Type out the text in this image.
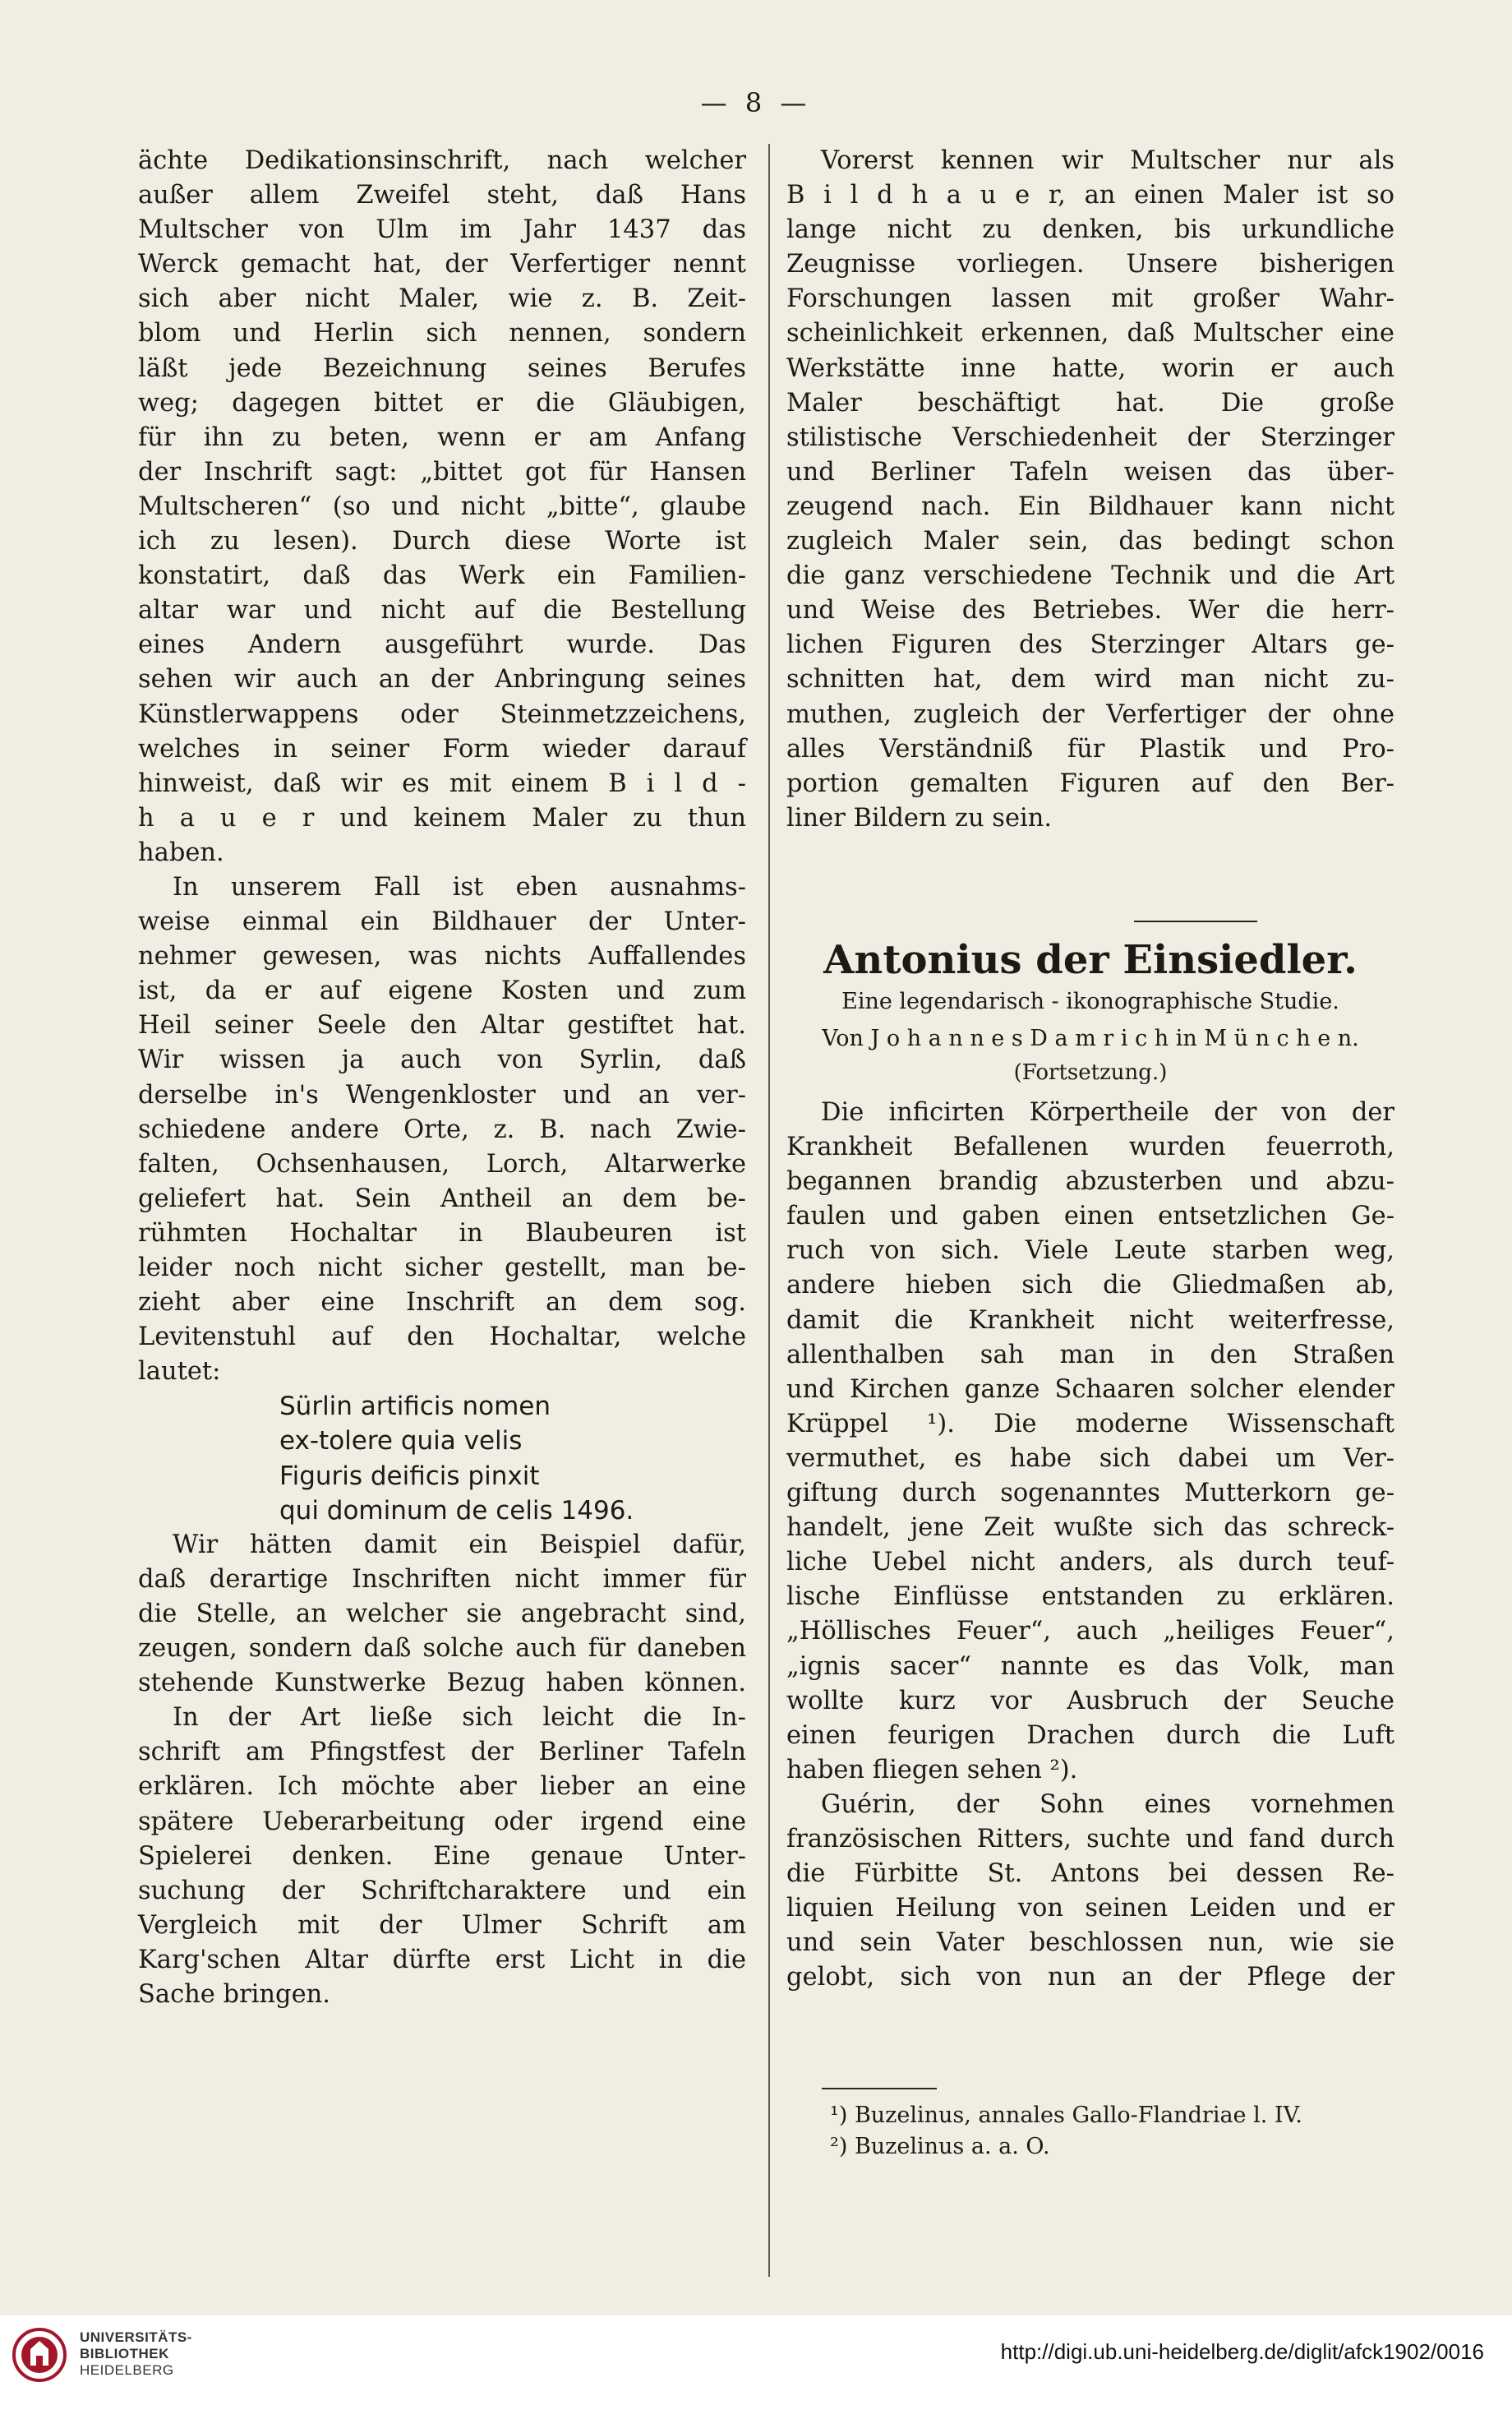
— 8 —
ächte Dedikationsinschrift, nach welcher
außer allem Zweifel steht, daß Hans
Multscher von Ulm im Jahr 1437 das
Werck gemacht hat, der Verfertiger nennt
sich aber nicht Maler, wie z. B. Zeit-
blom und Herlin sich nennen, sondern
läßt jede Bezeichnung seines Berufes
weg; dagegen bittet er die Gläubigen,
für ihn zu beten, wenn er am Anfang
der Inschrift sagt: „bittet got für Hansen
Multscheren“ (so und nicht „bitte“, glaube
ich zu lesen). Durch diese Worte ist
konstatirt, daß das Werk ein Familien-
altar war und nicht auf die Bestellung
eines Andern ausgeführt wurde. Das
sehen wir auch an der Anbringung seines
Künstlerwappens oder Steinmetzzeichens,
welches in seiner Form wieder darauf
hinweist, daß wir es mit einem B i l d -
h a u e r und keinem Maler zu thun
haben.
In unserem Fall ist eben ausnahms-
weise einmal ein Bildhauer der Unter-
nehmer gewesen, was nichts Auffallendes
ist, da er auf eigene Kosten und zum
Heil seiner Seele den Altar gestiftet hat.
Wir wissen ja auch von Syrlin, daß
derselbe in's Wengenkloster und an ver-
schiedene andere Orte, z. B. nach Zwie-
falten, Ochsenhausen, Lorch, Altarwerke
geliefert hat. Sein Antheil an dem be-
rühmten Hochaltar in Blaubeuren ist
leider noch nicht sicher gestellt, man be-
zieht aber eine Inschrift an dem sog.
Levitenstuhl auf den Hochaltar, welche
lautet:
Sürlin artificis nomen
ex-tolere quia velis
Figuris deificis pinxit
qui dominum de celis 1496.
Wir hätten damit ein Beispiel dafür,
daß derartige Inschriften nicht immer für
die Stelle, an welcher sie angebracht sind,
zeugen, sondern daß solche auch für daneben
stehende Kunstwerke Bezug haben können.
In der Art ließe sich leicht die In-
schrift am Pfingstfest der Berliner Tafeln
erklären. Ich möchte aber lieber an eine
spätere Ueberarbeitung oder irgend eine
Spielerei denken. Eine genaue Unter-
suchung der Schriftcharaktere und ein
Vergleich mit der Ulmer Schrift am
Karg'schen Altar dürfte erst Licht in die
Sache bringen.
Vorerst kennen wir Multscher nur als
B i l d h a u e r, an einen Maler ist so
lange nicht zu denken, bis urkundliche
Zeugnisse vorliegen. Unsere bisherigen
Forschungen lassen mit großer Wahr-
scheinlichkeit erkennen, daß Multscher eine
Werkstätte inne hatte, worin er auch
Maler beschäftigt hat. Die große
stilistische Verschiedenheit der Sterzinger
und Berliner Tafeln weisen das über-
zeugend nach. Ein Bildhauer kann nicht
zugleich Maler sein, das bedingt schon
die ganz verschiedene Technik und die Art
und Weise des Betriebes. Wer die herr-
lichen Figuren des Sterzinger Altars ge-
schnitten hat, dem wird man nicht zu-
muthen, zugleich der Verfertiger der ohne
alles Verständniß für Plastik und Pro-
portion gemalten Figuren auf den Ber-
liner Bildern zu sein.
Antonius der Einsiedler.
Eine legendarisch - ikonographische Studie.
Von J o h a n n e s D a m r i c h in M ü n c h e n.
(Fortsetzung.)
Die inficirten Körpertheile der von der
Krankheit Befallenen wurden feuerroth,
begannen brandig abzusterben und abzu-
faulen und gaben einen entsetzlichen Ge-
ruch von sich. Viele Leute starben weg,
andere hieben sich die Gliedmaßen ab,
damit die Krankheit nicht weiterfresse,
allenthalben sah man in den Straßen
und Kirchen ganze Schaaren solcher elender
Krüppel ¹). Die moderne Wissenschaft
vermuthet, es habe sich dabei um Ver-
giftung durch sogenanntes Mutterkorn ge-
handelt, jene Zeit wußte sich das schreck-
liche Uebel nicht anders, als durch teuf-
lische Einflüsse entstanden zu erklären.
„Höllisches Feuer“, auch „heiliges Feuer“,
„ignis sacer“ nannte es das Volk, man
wollte kurz vor Ausbruch der Seuche
einen feurigen Drachen durch die Luft
haben fliegen sehen ²).
Guérin, der Sohn eines vornehmen
französischen Ritters, suchte und fand durch
die Fürbitte St. Antons bei dessen Re-
liquien Heilung von seinen Leiden und er
und sein Vater beschlossen nun, wie sie
gelobt, sich von nun an der Pflege der
¹) Buzelinus, annales Gallo-Flandriae l. IV.
²) Buzelinus a. a. O.
UNIVERSITÄTS-
BIBLIOTHEK
HEIDELBERG
http://digi.ub.uni-heidelberg.de/diglit/afck1902/0016
